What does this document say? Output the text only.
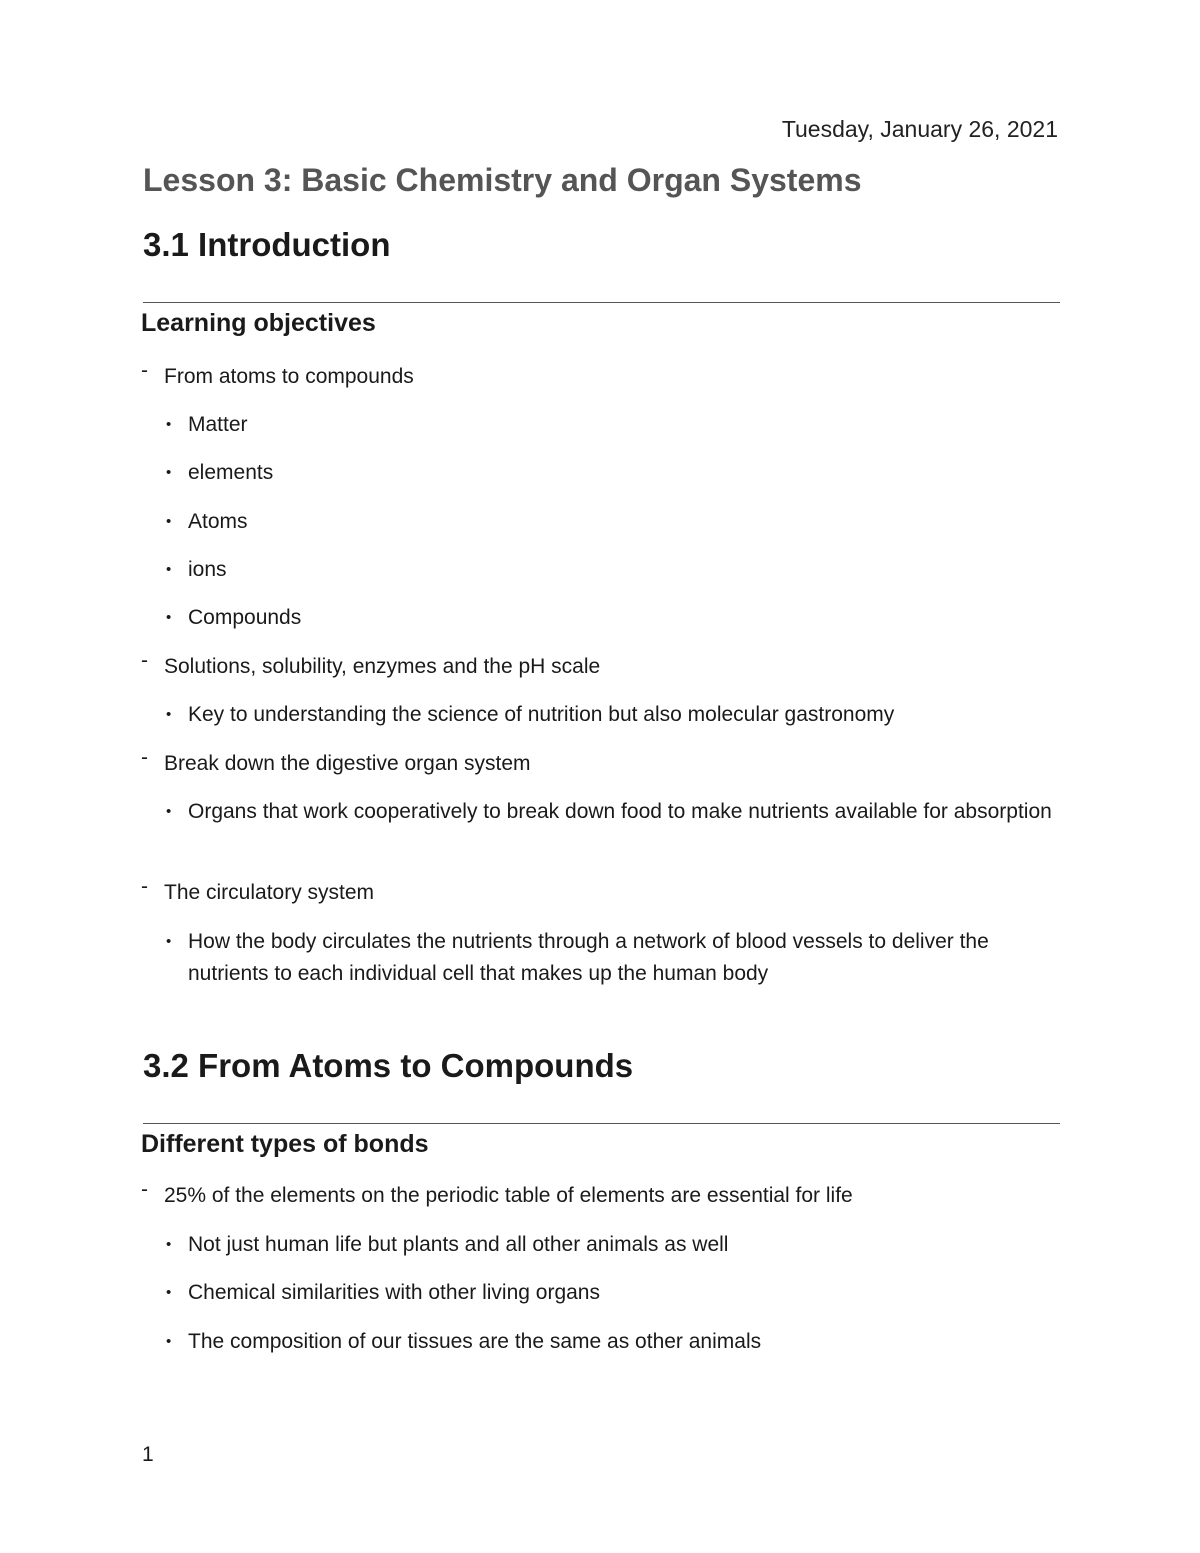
Tuesday, January 26, 2021
Lesson 3: Basic Chemistry and Organ Systems
3.1 Introduction
Learning objectives
- From atoms to compounds
• Matter
• elements
• Atoms
• ions
• Compounds
- Solutions, solubility, enzymes and the pH scale
• Key to understanding the science of nutrition but also molecular gastronomy
- Break down the digestive organ system
• Organs that work cooperatively to break down food to make nutrients available for absorption
- The circulatory system
• How the body circulates the nutrients through a network of blood vessels to deliver the nutrients to each individual cell that makes up the human body
3.2 From Atoms to Compounds
Different types of bonds
- 25% of the elements on the periodic table of elements are essential for life
• Not just human life but plants and all other animals as well
• Chemical similarities with other living organs
• The composition of our tissues are the same as other animals
1
